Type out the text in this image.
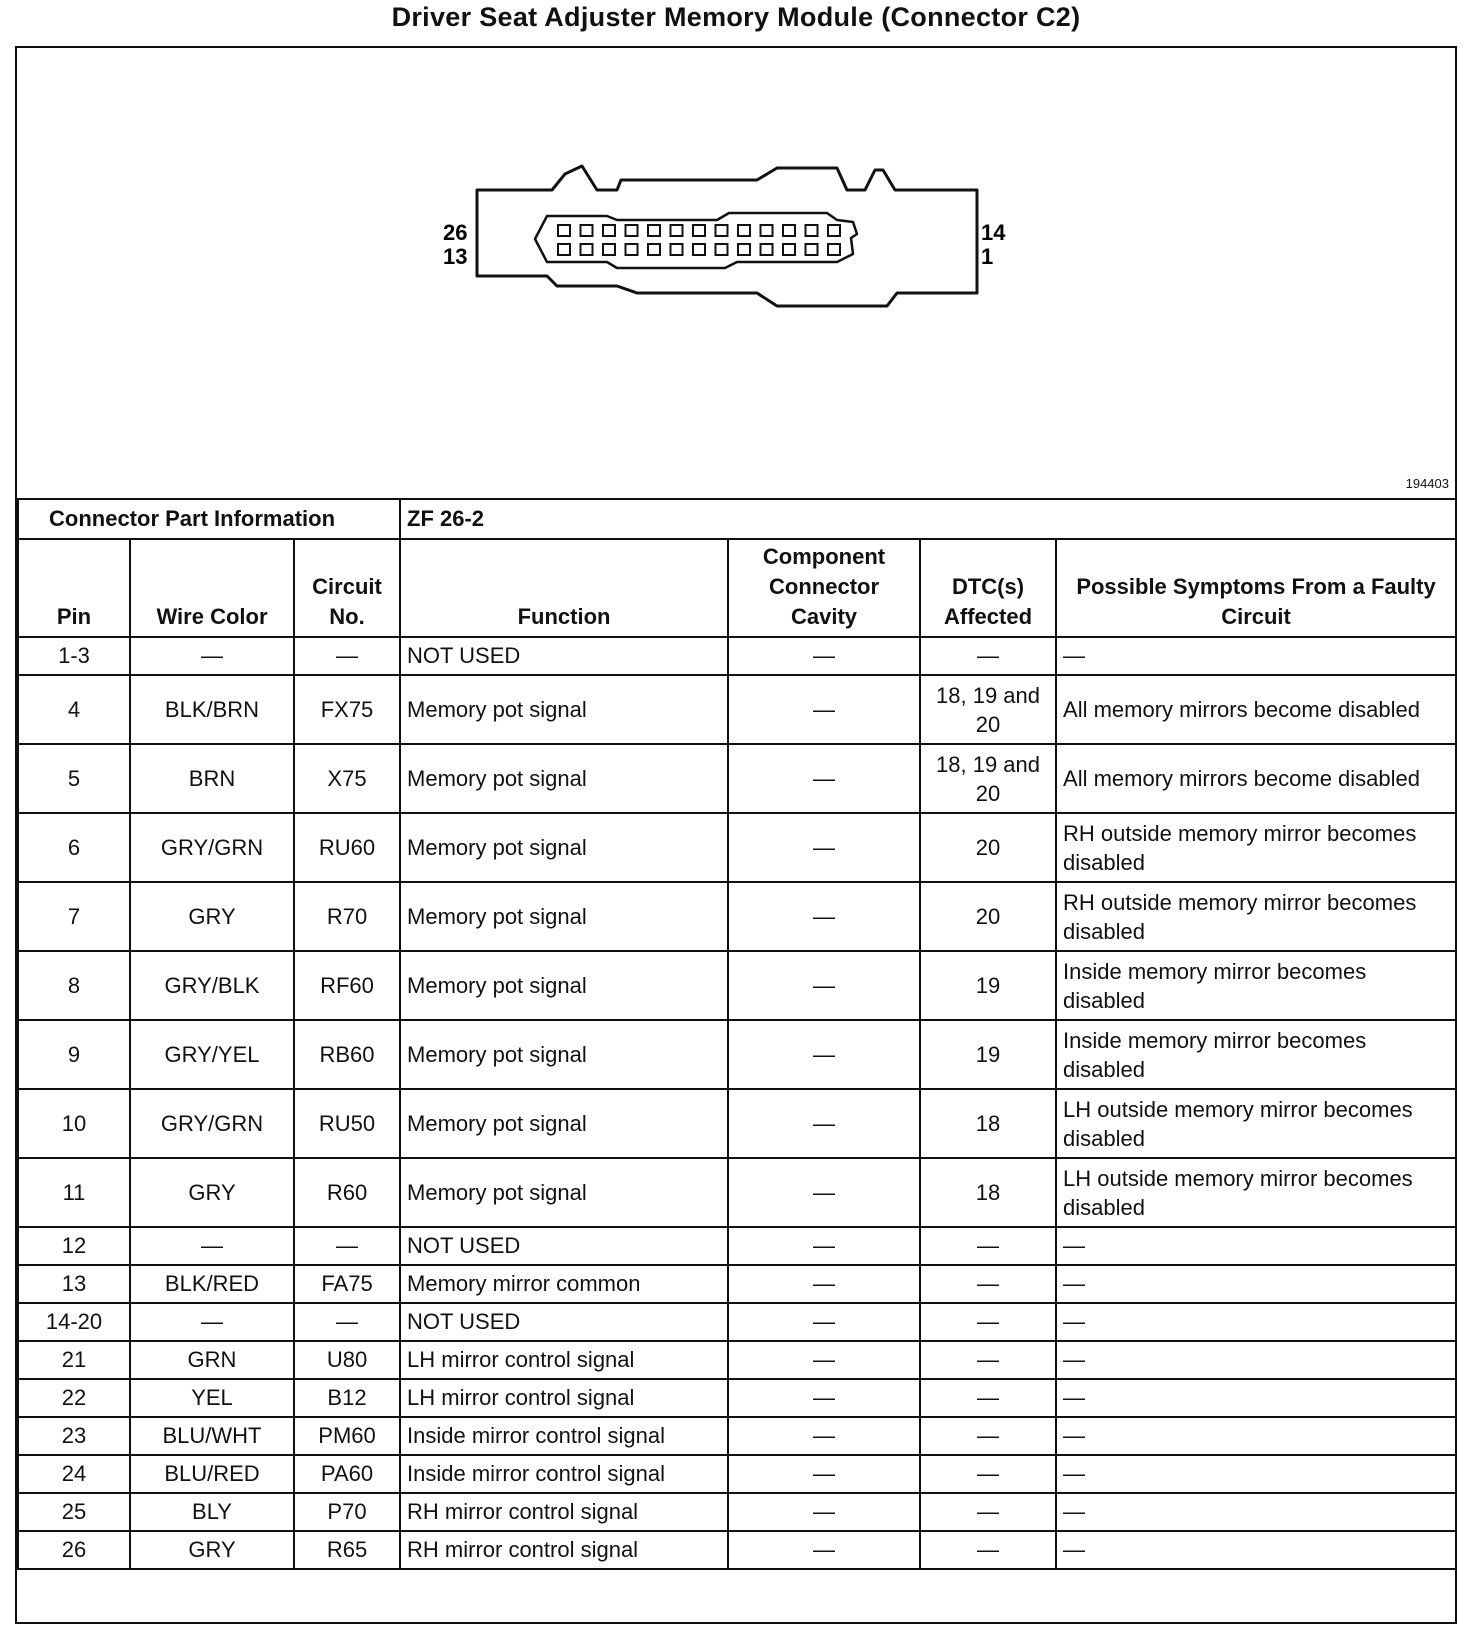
Driver Seat Adjuster Memory Module (Connector C2)
26
13
14
1
194403
Connector Part Information			ZF 26-2			
Pin	Wire Color	Circuit No.	Function	Component Connector Cavity	DTC(s) Affected	Possible Symptoms From a Faulty Circuit
1-3	—	—	NOT USED	—	—	—
4	BLK/BRN	FX75	Memory pot signal	—	18, 19 and 20	All memory mirrors become disabled
5	BRN	X75	Memory pot signal	—	18, 19 and 20	All memory mirrors become disabled
6	GRY/GRN	RU60	Memory pot signal	—	20	RH outside memory mirror becomes disabled
7	GRY	R70	Memory pot signal	—	20	RH outside memory mirror becomes disabled
8	GRY/BLK	RF60	Memory pot signal	—	19	Inside memory mirror becomes disabled
9	GRY/YEL	RB60	Memory pot signal	—	19	Inside memory mirror becomes disabled
10	GRY/GRN	RU50	Memory pot signal	—	18	LH outside memory mirror becomes disabled
11	GRY	R60	Memory pot signal	—	18	LH outside memory mirror becomes disabled
12	—	—	NOT USED	—	—	—
13	BLK/RED	FA75	Memory mirror common	—	—	—
14-20	—	—	NOT USED	—	—	—
21	GRN	U80	LH mirror control signal	—	—	—
22	YEL	B12	LH mirror control signal	—	—	—
23	BLU/WHT	PM60	Inside mirror control signal	—	—	—
24	BLU/RED	PA60	Inside mirror control signal	—	—	—
25	BLY	P70	RH mirror control signal	—	—	—
26	GRY	R65	RH mirror control signal	—	—	—
